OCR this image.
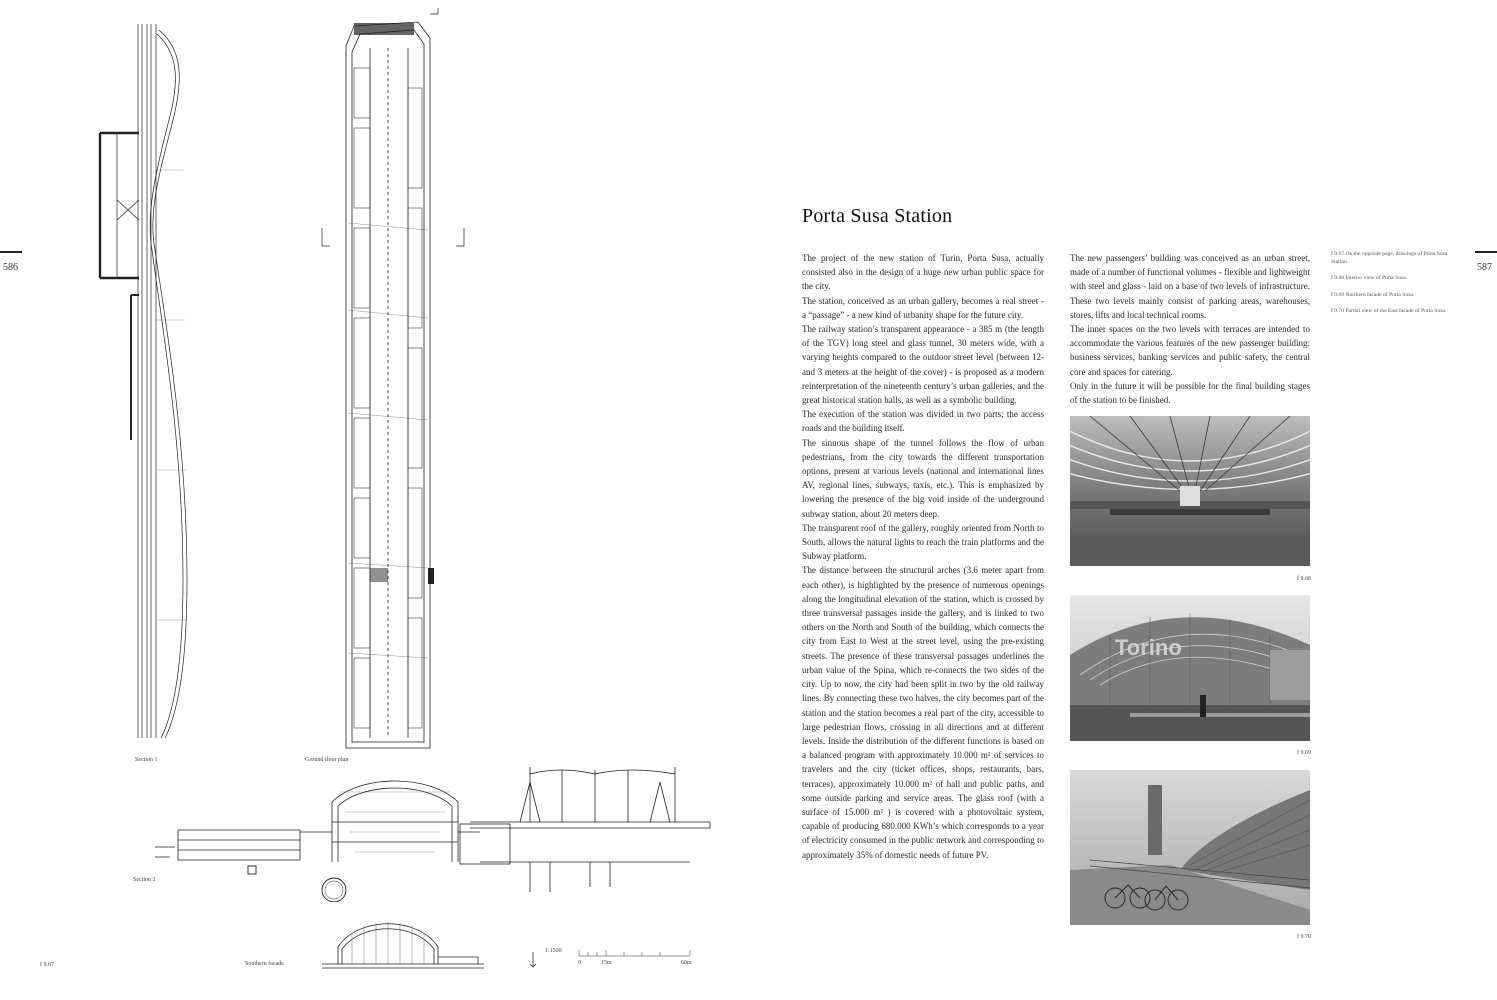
586
Section 1	Ground floor plan
Section 2
Southern facade
f 9.67
1:1500
0	15m	60m
Porta Susa Station

The project of the new station of Turin, Porta Susa, actually consisted also in the design of a huge new urban public space for the city.

The station, conceived as an urban gallery, becomes a real street - a “passage” - a new kind of urbanity shape for the future city.

The railway station’s transparent appearance - a 385 m (the length of the TGV) long steel and glass tunnel, 30 meters wide, with a varying heights compared to the outdoor street level (between 12- and 3 meters at the height of the cover) - is proposed as a modern reinterpretation of the nineteenth century’s urban galleries, and the great historical station halls, as well as a symbolic building.

The execution of the station was divided in two parts; the access roads and the building itself.

The sinuous shape of the tunnel follows the flow of urban pedestrians, from the city towards the different transportation options, present at various levels (national and international lines AV, regional lines, subways, taxis, etc.). This is emphasized by lowering the presence of the big void inside of the underground subway station, about 20 meters deep.

The transparent roof of the gallery, roughly oriented from North to South, allows the natural lights to reach the train platforms and the Subway platform.

The distance between the structural arches (3.6 meter apart from each other), is highlighted by the presence of numerous openings along the longitudinal elevation of the station, which is crossed by three transversal passages inside the gallery, and is linked to two others on the North and South of the building, which connects the city from East to West at the street level, using the pre-existing streets. The presence of these transversal passages underlines the urban value of the Spina, which re-connects the two sides of the city. Up to now, the city had been split in two by the old railway lines. By connecting these two halves, the city becomes part of the station and the station becomes a real part of the city, accessible to large pedestrian flows, crossing in all directions and at different levels. Inside the distribution of the different functions is based on a balanced program with approximately 10.000 m² of services to travelers and the city (ticket offices, shops, restaurants, bars, terraces), approximately 10.000 m² of hall and public paths, and some outside parking and service areas. The glass roof (with a surface of 15.000 m² ) is covered with a photovoltaic system, capable of producing 680.000 KWh’s which corresponds to a year of electricity consumed in the public network and corresponding to approximately 35% of domestic needs of future PV.

The new passengers’ building was conceived as an urban street, made of a number of functional volumes - flexible and lightweight with steel and glass - laid on a base of two levels of infrastructure. These two levels mainly consist of parking areas, warehouses, stores, lifts and local technical rooms.

The inner spaces on the two levels with terraces are intended to accommodate the various features of the new passenger building: business services, banking services and public safety, the central core and spaces for catering.

Only in the future it will be possible for the final building stages of the station to be finished.

f 9.67 On the opposite page, drawings of Porta Susa Station.

f 9.68 Interior view of Porta Susa.

f 9.69 Northern facade of Porta Susa.

f 9.70 Partial view of the East facade of Porta Susa.

587
f 9.68
Torino
f 9.69
f 9.70
